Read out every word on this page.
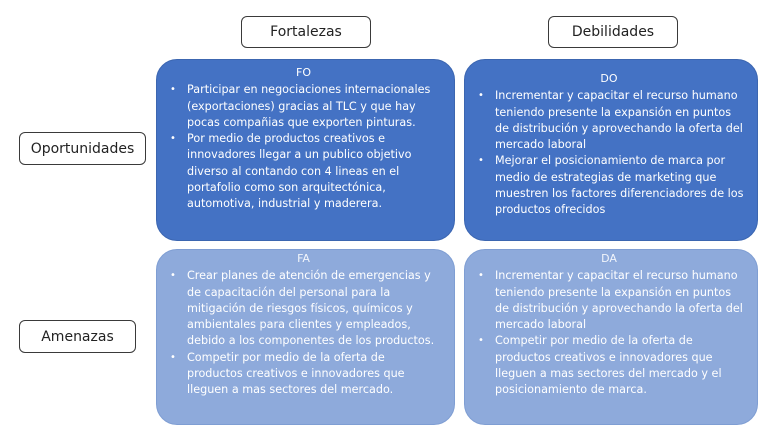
Fortalezas	Debilidades
Oportunidades
Amenazas
FO
• Participar en negociaciones internacionales (exportaciones) gracias al TLC y que hay pocas compañias que exporten pinturas.
• Por medio de productos creativos e innovadores llegar a un publico objetivo diverso al contando con 4 lineas en el portafolio como son arquitectónica, automotiva, industrial y maderera.
DO
• Incrementar y capacitar el recurso humano teniendo presente la expansión en puntos de distribución y aprovechando la oferta del mercado laboral
• Mejorar el posicionamiento de marca por medio de estrategias de marketing que muestren los factores diferenciadores de los productos ofrecidos
FA
• Crear planes de atención de emergencias y de capacitación del personal para la mitigación de riesgos físicos, químicos y ambientales para clientes y empleados, debido a los componentes de los productos.
• Competir por medio de la oferta de productos creativos e innovadores que lleguen a mas sectores del mercado.
DA
• Incrementar y capacitar el recurso humano teniendo presente la expansión en puntos de distribución y aprovechando la oferta del mercado laboral
• Competir por medio de la oferta de productos creativos e innovadores que lleguen a mas sectores del mercado y el posicionamiento de marca.
